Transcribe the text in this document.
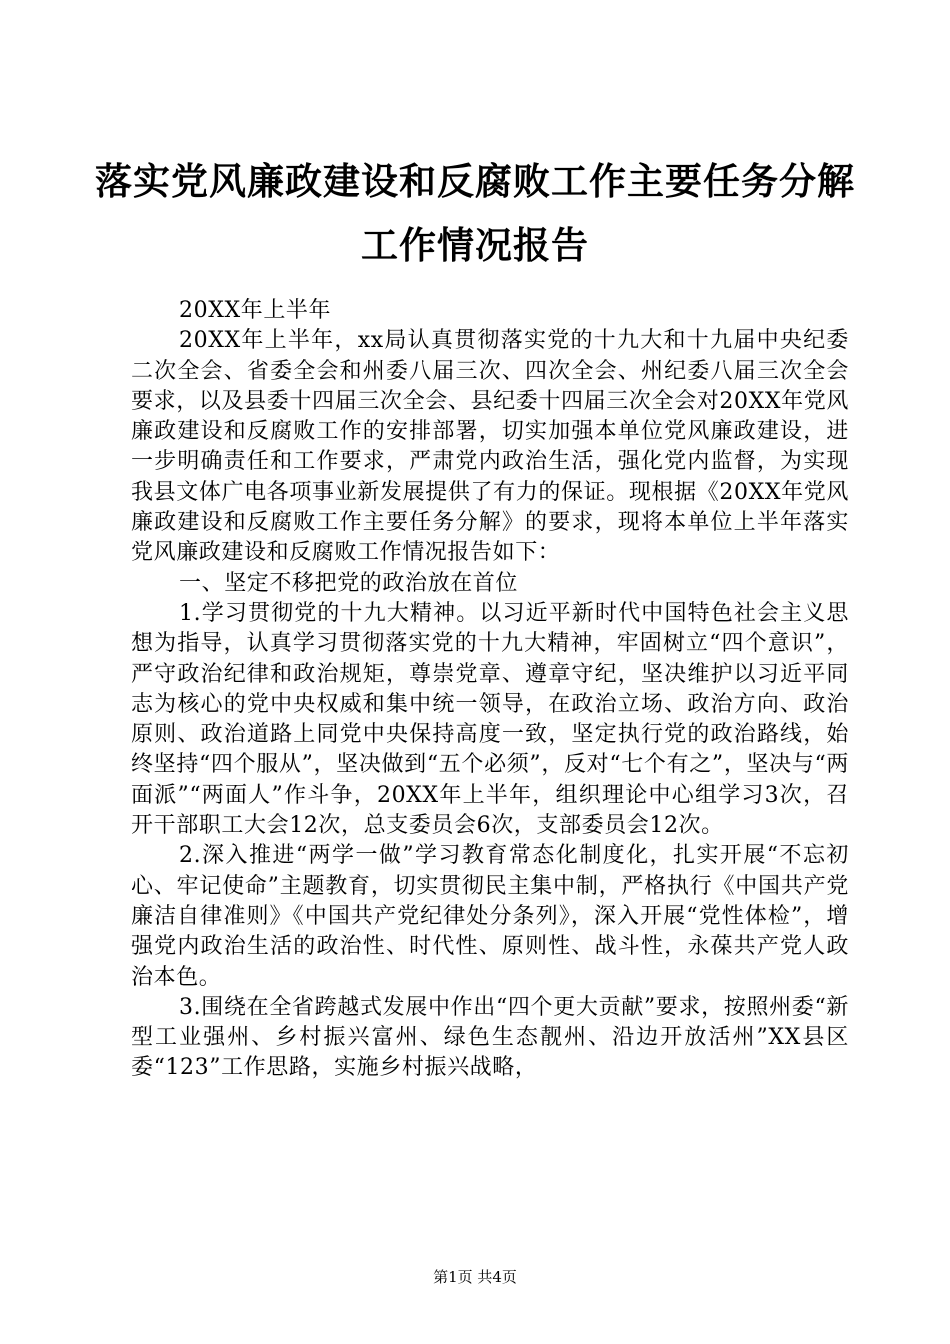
落实党风廉政建设和反腐败工作主要任务分解
工作情况报告

20XX年上半年

20XX年上半年，xx局认真贯彻落实党的十九大和十九届中央纪委二次全会、省委全会和州委八届三次、四次全会、州纪委八届三次全会要求，以及县委十四届三次全会、县纪委十四届三次全会对20XX年党风廉政建设和反腐败工作的安排部署，切实加强本单位党风廉政建设，进一步明确责任和工作要求，严肃党内政治生活，强化党内监督，为实现我县文体广电各项事业新发展提供了有力的保证。现根据《20XX年党风廉政建设和反腐败工作主要任务分解》的要求，现将本单位上半年落实党风廉政建设和反腐败工作情况报告如下：

一、坚定不移把党的政治放在首位

1.学习贯彻党的十九大精神。以习近平新时代中国特色社会主义思想为指导，认真学习贯彻落实党的十九大精神，牢固树立“四个意识”，严守政治纪律和政治规矩，尊崇党章、遵章守纪，坚决维护以习近平同志为核心的党中央权威和集中统一领导，在政治立场、政治方向、政治原则、政治道路上同党中央保持高度一致，坚定执行党的政治路线，始终坚持“四个服从”，坚决做到“五个必须”，反对“七个有之”，坚决与“两面派”“两面人”作斗争，20XX年上半年，组织理论中心组学习3次，召开干部职工大会12次，总支委员会6次，支部委员会12次。

2.深入推进“两学一做”学习教育常态化制度化，扎实开展“不忘初心、牢记使命”主题教育，切实贯彻民主集中制，严格执行《中国共产党廉洁自律准则》《中国共产党纪律处分条列》，深入开展“党性体检”，增强党内政治生活的政治性、时代性、原则性、战斗性，永葆共产党人政治本色。

3.围绕在全省跨越式发展中作出“四个更大贡献”要求，按照州委“新型工业强州、乡村振兴富州、绿色生态靓州、沿边开放活州”XX县区委“123”工作思路，实施乡村振兴战略，

第1页 共4页
